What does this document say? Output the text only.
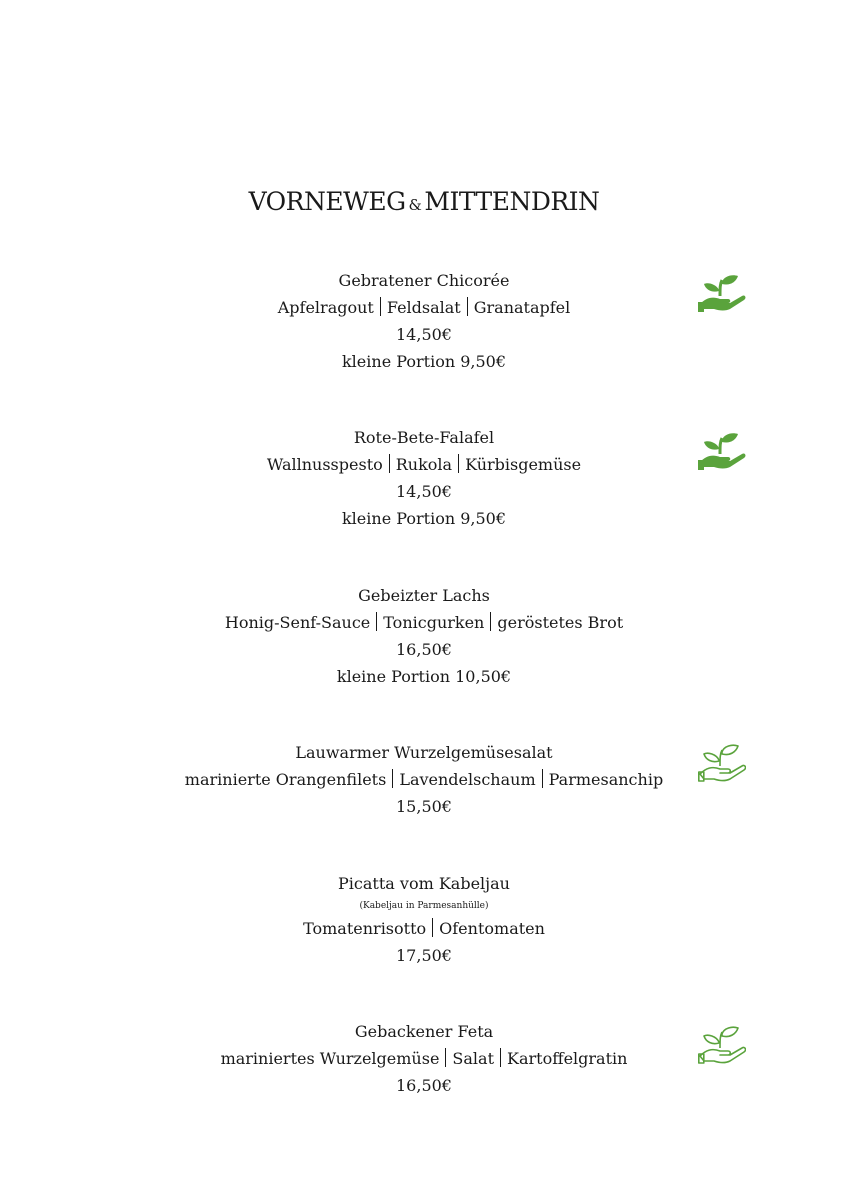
VORNEWEG & MITTENDRIN
Gebratener Chicorée
Apfelragout Feldsalat Granatapfel
14,50€
kleine Portion 9,50€
Rote-Bete-Falafel
Wallnusspesto Rukola Kürbisgemüse
14,50€
kleine Portion 9,50€
Gebeizter Lachs
Honig-Senf-Sauce Tonicgurken geröstetes Brot
16,50€
kleine Portion 10,50€
Lauwarmer Wurzelgemüsesalat
marinierte Orangenfilets Lavendelschaum Parmesanchip
15,50€
Picatta vom Kabeljau
(Kabeljau in Parmesanhülle)
Tomatenrisotto Ofentomaten
17,50€
Gebackener Feta
mariniertes Wurzelgemüse Salat Kartoffelgratin
16,50€
